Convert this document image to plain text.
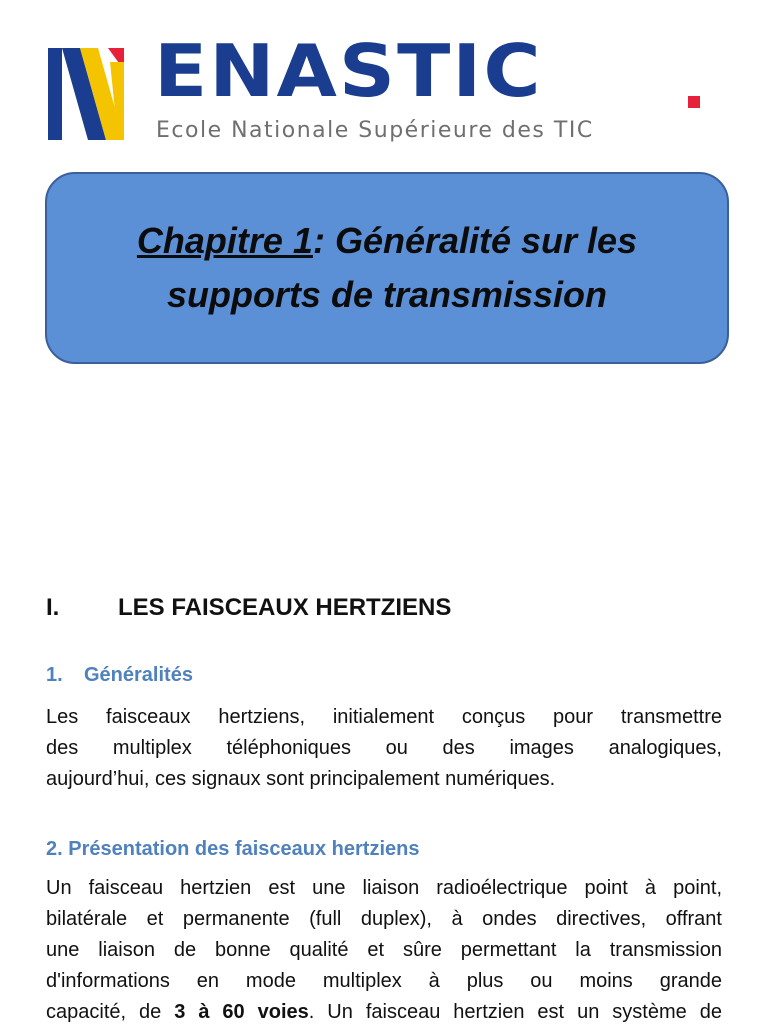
ENASTIC
Ecole Nationale Supérieure des TIC
Chapitre 1: Généralité sur les
supports de transmission
I. LES FAISCEAUX HERTZIENS
1. Généralités
Les faisceaux hertziens, initialement conçus pour transmettre
des multiplex téléphoniques ou des images analogiques,
aujourd’hui, ces signaux sont principalement numériques.
2. Présentation des faisceaux hertziens
Un faisceau hertzien est une liaison radioélectrique point à point,
bilatérale et permanente (full duplex), à ondes directives, offrant
une liaison de bonne qualité et sûre permettant la transmission
d'informations en mode multiplex à plus ou moins grande
capacité, de 3 à 60 voies. Un faisceau hertzien est un système de
